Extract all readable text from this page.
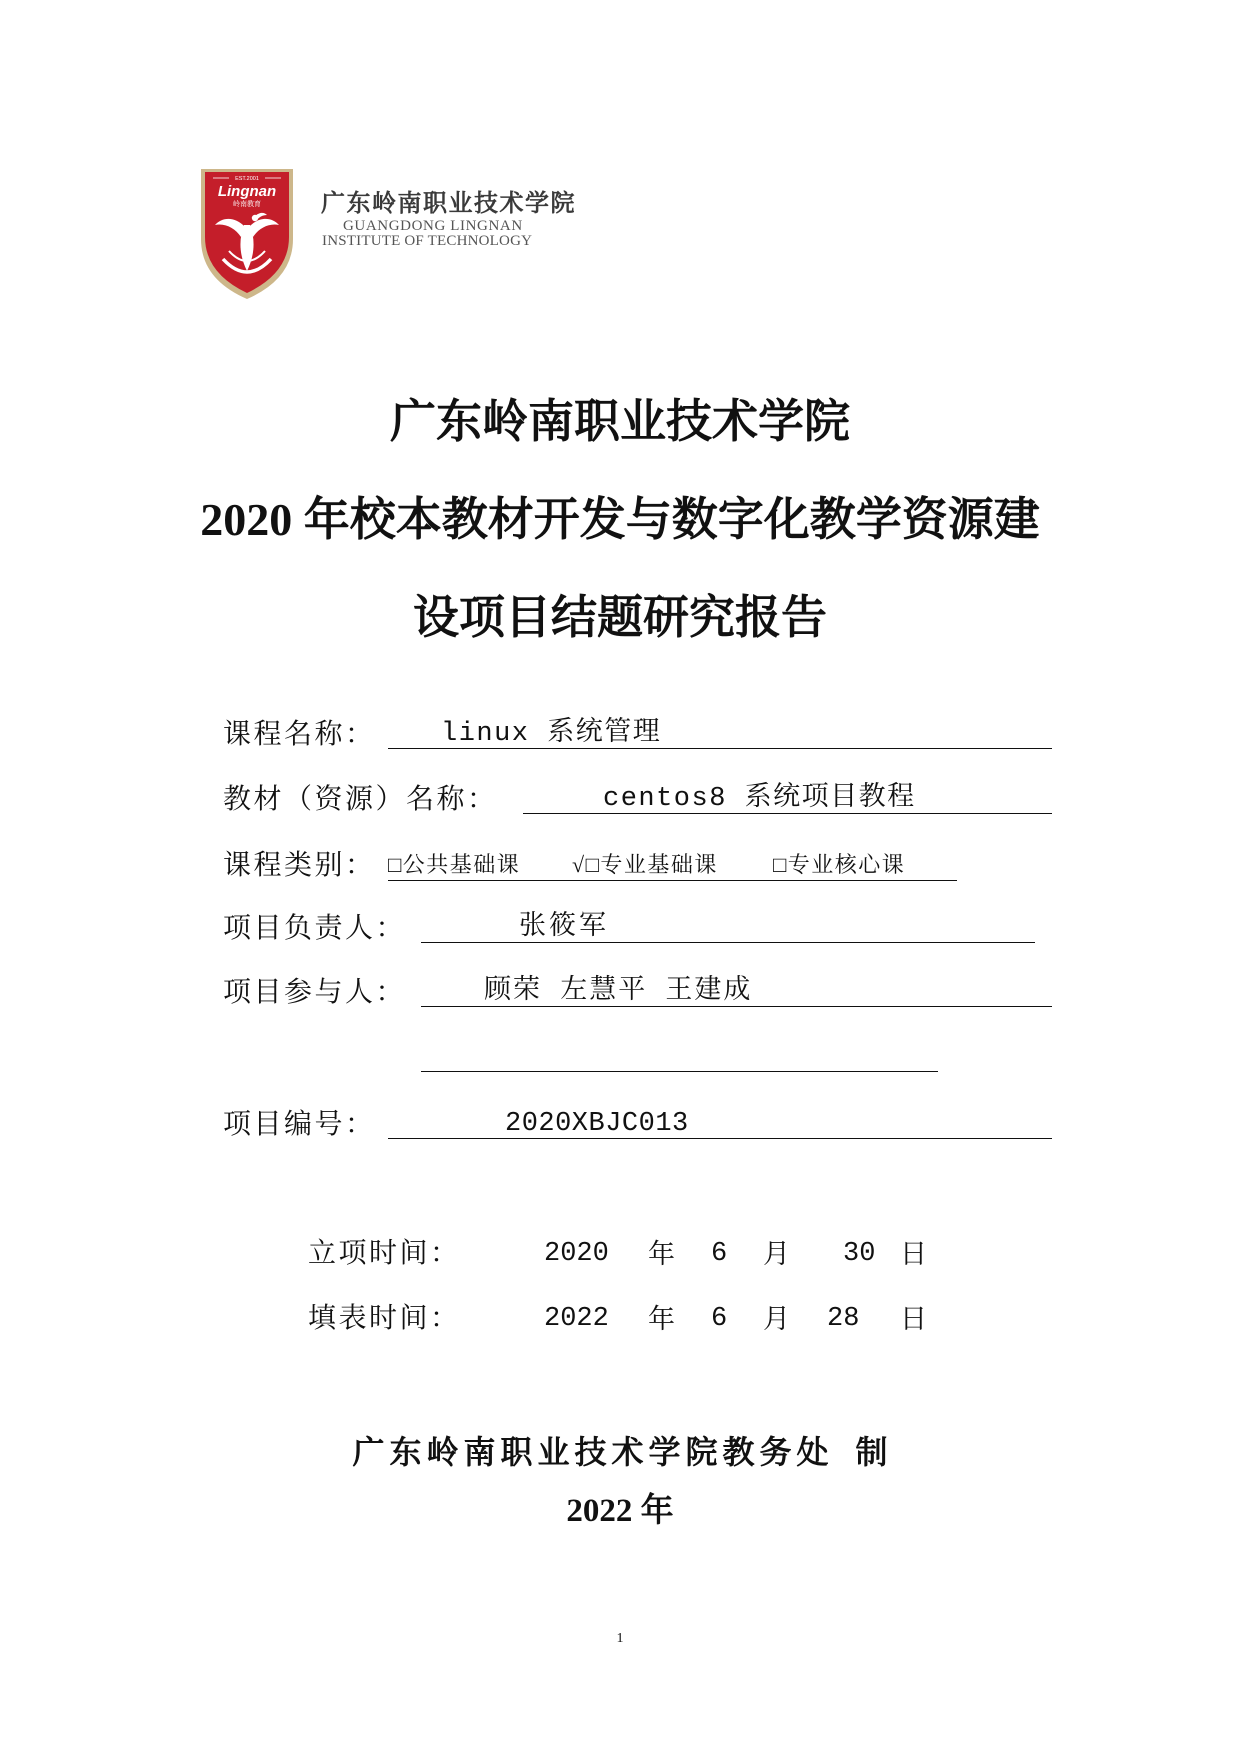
EST.2001
Lingnan
岭南教育	广东岭南职业技术学院
GUANGDONG LINGNAN
INSTITUTE OF TECHNOLOGY
广东岭南职业技术学院
2020 年校本教材开发与数字化教学资源建
设项目结题研究报告
课程名称： linux 系统管理
教材（资源）名称：	centos8 系统项目教程
课程类别： □公共基础课 √□专业基础课	□专业核心课
项目负责人：	张筱军
项目参与人：	顾荣 左慧平 王建成
项目编号：	2020XBJC013
立项时间：	2020 年 6 月 30 日
填表时间：	2022 年 6 月 28 日
广东岭南职业技术学院教务处 制
2022 年
1
